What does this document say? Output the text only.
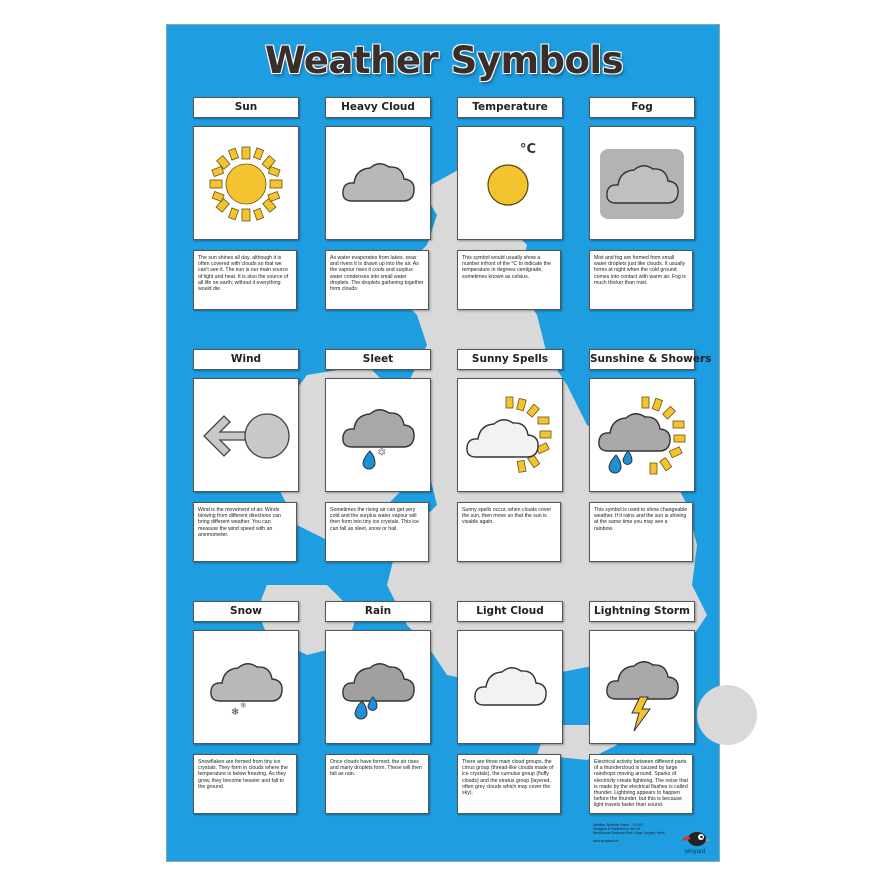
Weather Symbols
Sun
The sun shines all day, although it is often covered with clouds so that we can't see it. The sun is our main source of light and heat. It is also the source of all life on earth; without it everything would die.
Heavy Cloud
As water evaporates from lakes, seas and rivers it is drawn up into the air. As the vapour rises it cools and surplus water condenses into small water droplets. The droplets gathering together form clouds.
Temperature
°C
This symbol would usually show a number infront of the °C to indicate the temperature in degrees centigrade, sometimes known as celsius.
Fog
Mist and fog are formed from small water droplets just like clouds. It usually forms at night when the cold ground comes into contact with warm air. Fog is much thicker than mist.
Wind
Wind is the movement of air. Winds blowing from different directions can bring different weather. You can measure the wind speed with an anemometer.
Sleet
✱
Sometimes the rising air can get very cold and the surplus water vapour will then form into tiny ice crystals. This ice can fall as sleet, snow or hail.
Sunny Spells
Sunny spells occur, when clouds cover the sun, then move so that the sun is visable again.
Sunshine & Showers
This symbol is used to show changeable weather. If it rains and the sun is shining at the same time you may see a rainbow.
Snow
❄
❄
Snowflakes are formed from tiny ice crystals. They form in clouds where the temperature is below freezing. As they grow, they become heavier and fall to the ground.
Rain
Once clouds have formed, the air rises and many droplets form. These will then fall as rain.
Light Cloud
There are three main cloud groups, the cirrus group (thread-like clouds made of ice crystals), the cumulus group (fluffy clouds) and the stratus group (layered, often grey clouds which may cover the sky).
Lightning Storm
Electrical activity between different parts of a thundercloud is caused by large raindrops moving around. Sparks of electricity create lightning. The noise that is made by the electrical flashes is called thunder. Lightning appears to happen before the thunder, but this is because light travels faster than sound.
Weather Symbols Poster - XXXXX
Designed & Published in the UK
Wenchmore Business Park, Kings Langley, Herts
www.winyaard.co
winyard
